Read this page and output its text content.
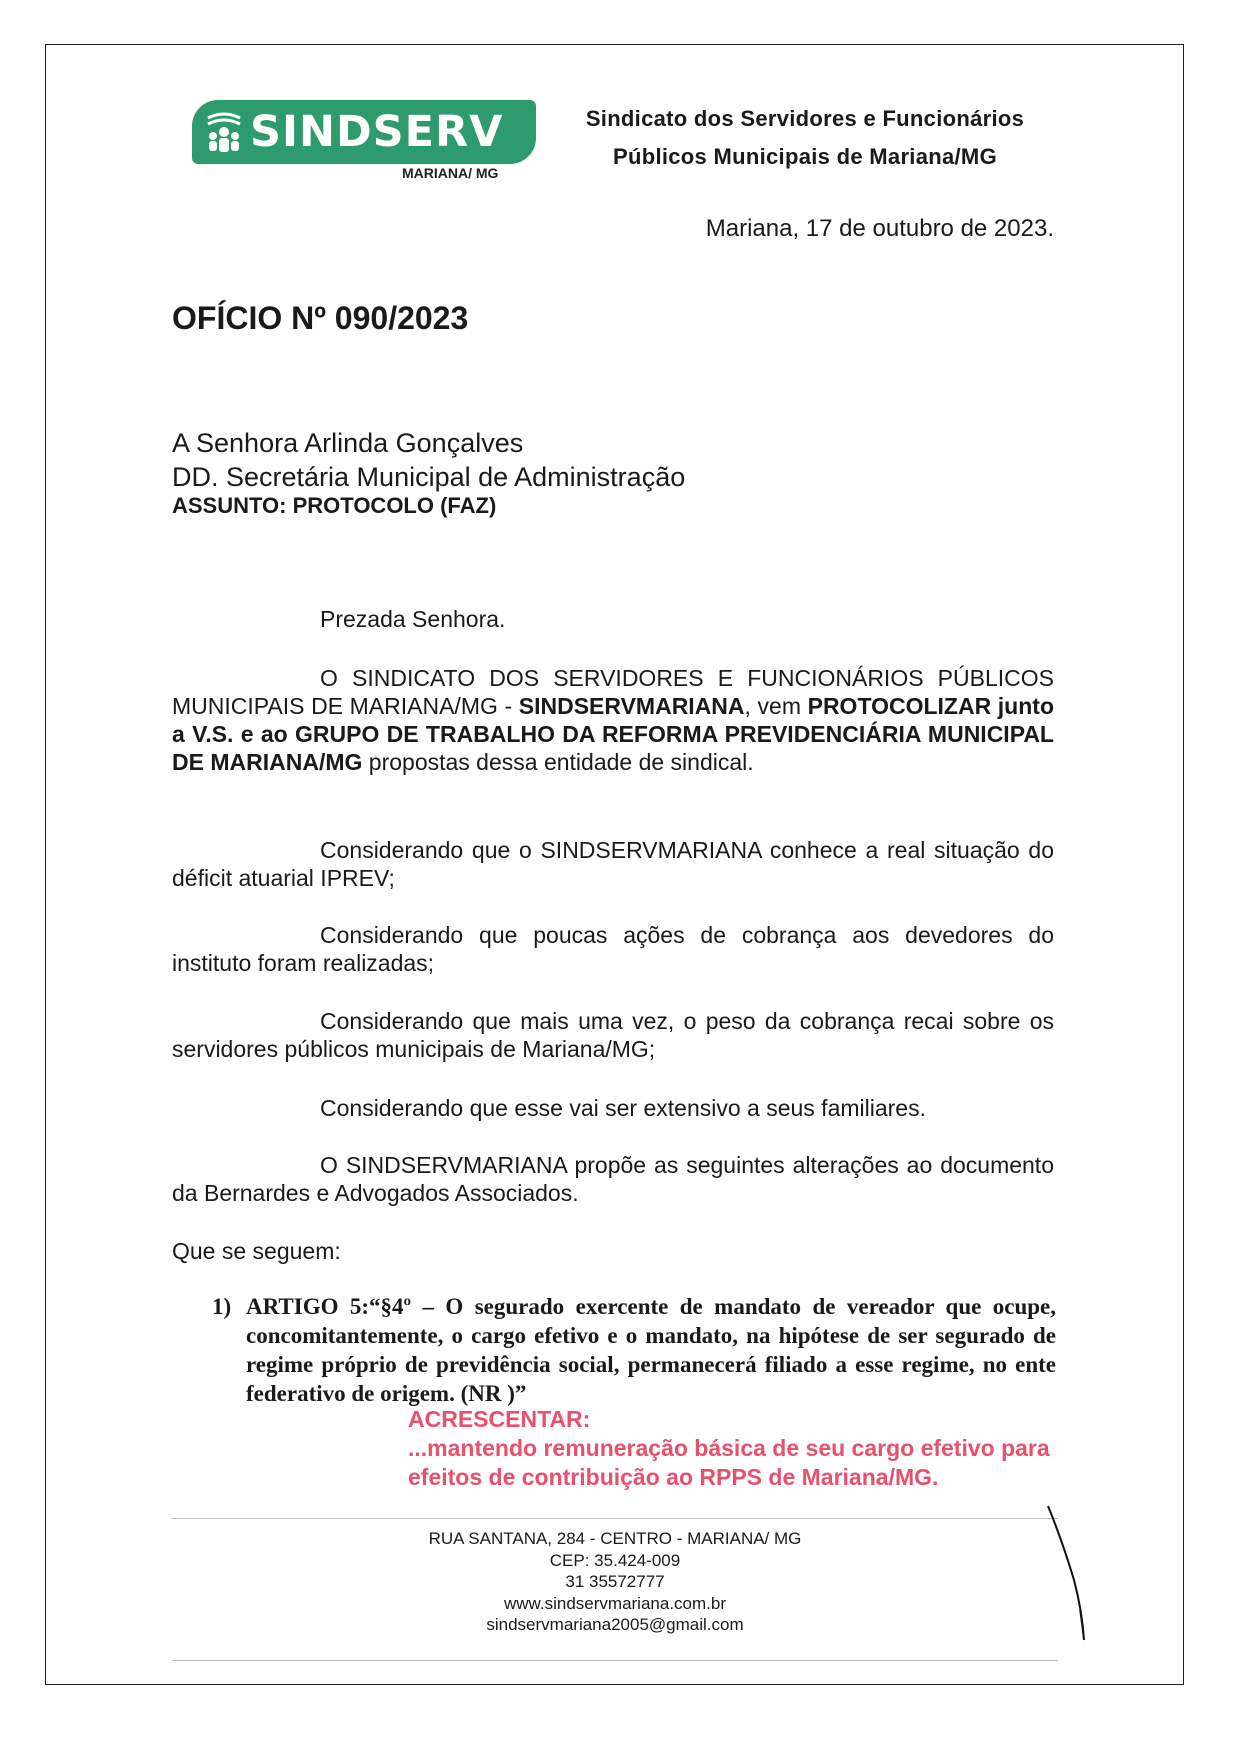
SINDSERV
MARIANA/ MG
Sindicato dos Servidores e Funcionários
Públicos Municipais de Mariana/MG
Mariana, 17 de outubro de 2023.
OFÍCIO Nº 090/2023
A Senhora Arlinda Gonçalves
DD. Secretária Municipal de Administração
ASSUNTO: PROTOCOLO (FAZ)
Prezada Senhora.

O SINDICATO DOS SERVIDORES E FUNCIONÁRIOS PÚBLICOS MUNICIPAIS DE MARIANA/MG - SINDSERVMARIANA, vem PROTOCOLIZAR junto a V.S. e ao GRUPO DE TRABALHO DA REFORMA PREVIDENCIÁRIA MUNICIPAL DE MARIANA/MG propostas dessa entidade de sindical.

Considerando que o SINDSERVMARIANA conhece a real situação do déficit atuarial IPREV;

Considerando que poucas ações de cobrança aos devedores do instituto foram realizadas;

Considerando que mais uma vez, o peso da cobrança recai sobre os servidores públicos municipais de Mariana/MG;

Considerando que esse vai ser extensivo a seus familiares.

O SINDSERVMARIANA propõe as seguintes alterações ao documento da Bernardes e Advogados Associados.

Que se seguem:

1) ARTIGO 5:“§4º – O segurado exercente de mandato de vereador que ocupe, concomitantemente, o cargo efetivo e o mandato, na hipótese de ser segurado de regime próprio de previdência social, permanecerá filiado a esse regime, no ente federativo de origem. (NR )”
ACRESCENTAR:
...mantendo remuneração básica de seu cargo efetivo para efeitos de contribuição ao RPPS de Mariana/MG.
RUA SANTANA, 284 - CENTRO - MARIANA/ MG
CEP: 35.424-009
31 35572777
www.sindservmariana.com.br
sindservmariana2005@gmail.com
